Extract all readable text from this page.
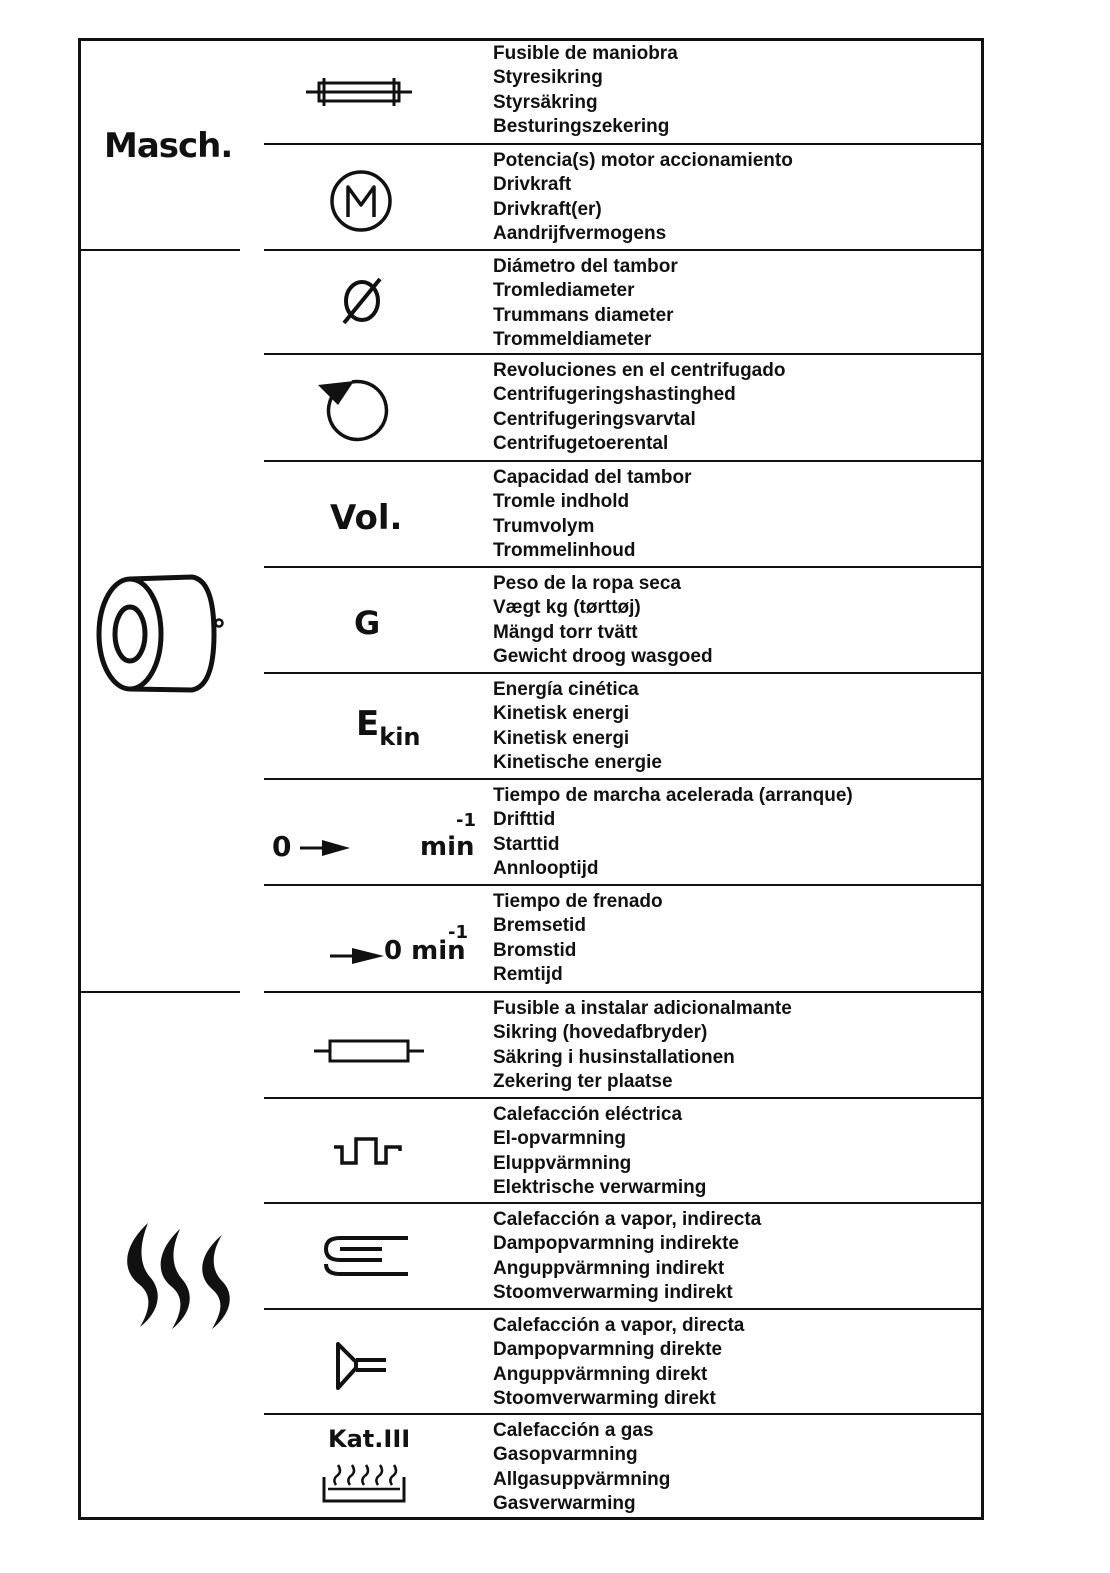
Masch.
Fusible de maniobra
Styresikring
Styrsäkring
Besturingszekering
Potencia(s) motor accionamiento
Drivkraft
Drivkraft(er)
Aandrijfvermogens
Diámetro del tambor
Tromlediameter
Trummans diameter
Trommeldiameter
Revoluciones en el centrifugado
Centrifugeringshastinghed
Centrifugeringsvarvtal
Centrifugetoerental
Vol.
Capacidad del tambor
Tromle indhold
Trumvolym
Trommelinhoud
G
Peso de la ropa seca
Vægt kg (tørttøj)
Mängd torr tvätt
Gewicht droog wasgoed
$E_{kin}$
Energía cinética
Kinetisk energi
Kinetisk energi
Kinetische energie
0	min
-1
Tiempo de marcha acelerada (arranque)
Drifttid
Starttid
Annlooptijd
0 min
-1
Tiempo de frenado
Bremsetid
Bromstid
Remtijd
Fusible a instalar adicionalmante
Sikring (hovedafbryder)
Säkring i husinstallationen
Zekering ter plaatse
Calefacción eléctrica
El-opvarmning
Eluppvärmning
Elektrische verwarming
Calefacción a vapor, indirecta
Dampopvarmning indirekte
Anguppvärmning indirekt
Stoomverwarming indirekt
Calefacción a vapor, directa
Dampopvarmning direkte
Anguppvärmning direkt
Stoomverwarming direkt
Kat.III	Calefacción a gas
Gasopvarmning
Allgasuppvärmning
Gasverwarming
